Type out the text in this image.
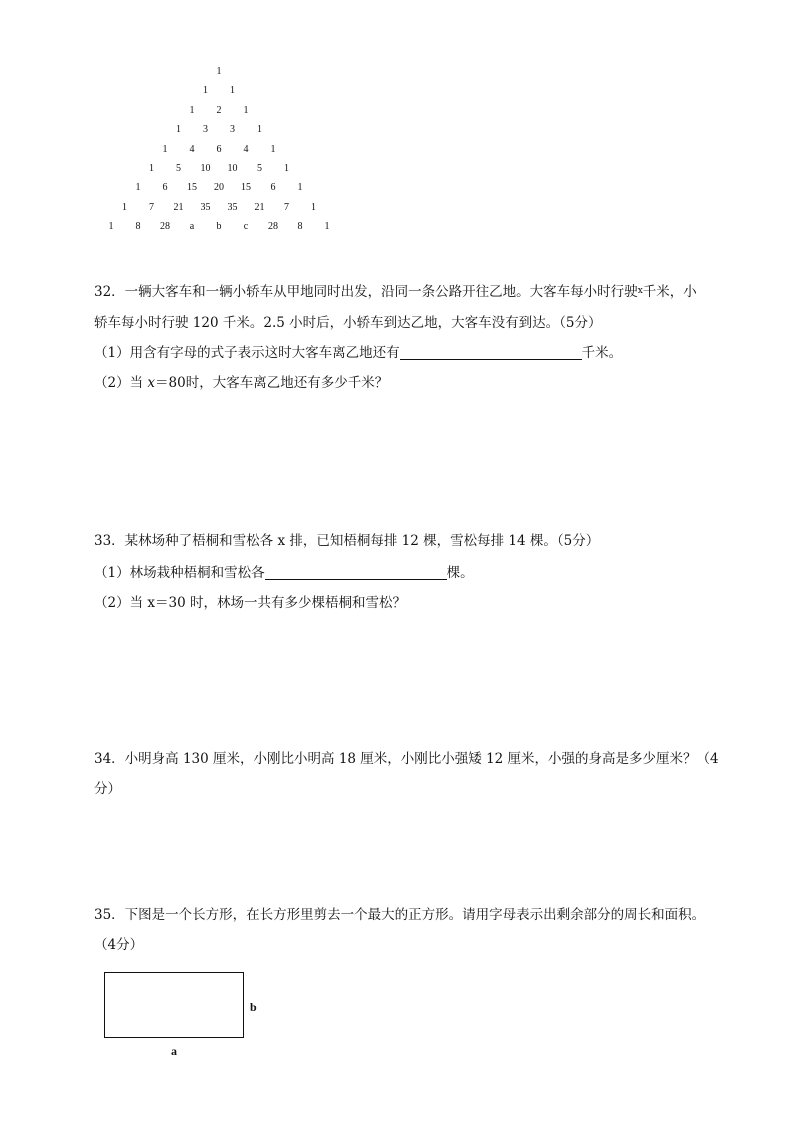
1
1 1
1 2 1
1 3 3 1
1 4 6 4 1
1 5 10 10 5 1
1 6 15 20 15 6 1
1 7 21 35 35 21 7 1
1 8 28 a b c 28 8 1
32．一辆大客车和一辆小轿车从甲地同时出发，沿同一条公路开往乙地。大客车每小时行驶$^x$千米，小
轿车每小时行驶 120 千米。2.5 小时后，小轿车到达乙地，大客车没有到达。（5分）
（1）用含有字母的式子表示这时大客车离乙地还有	千米。
（2）当 x＝80时，大客车离乙地还有多少千米？
33．某林场种了梧桐和雪松各 x 排，已知梧桐每排 12 棵，雪松每排 14 棵。（5分）
（1）林场栽种梧桐和雪松各	棵。
（2）当 x＝30 时，林场一共有多少棵梧桐和雪松？
34．小明身高 130 厘米，小刚比小明高 18 厘米，小刚比小强矮 12 厘米，小强的身高是多少厘米？（4
分）
35．下图是一个长方形，在长方形里剪去一个最大的正方形。请用字母表示出剩余部分的周长和面积。
（4分）
b
a
